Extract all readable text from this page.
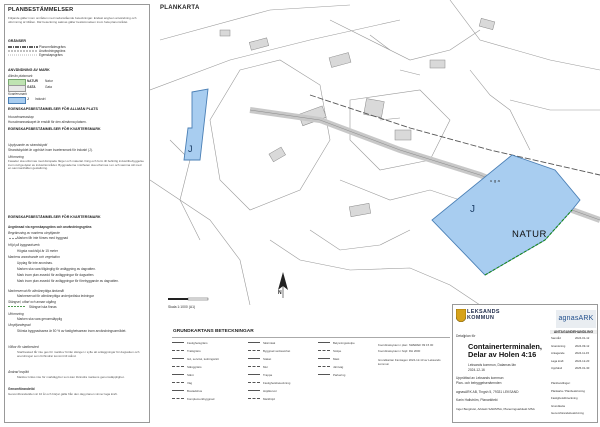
PLANBESTÄMMELSER
Följande gäller inom områden med nedanstående beteckningar. Endast angiven användning och utformning är tillåten. Där beteckning saknas gäller bestämmelsen inom hela planområdet.
GRÄNSER
Planområdesgräns
Användningsgräns
Egenskapsgräns
ANVÄNDNING AV MARK
Allmän platsmark
NATUR Natur
GATA	Gata
Kvartersmark
J Industri
EGENSKAPSBESTÄMMELSER FÖR ALLMÄN PLATS
Huvudmannaskap
Huvudmannaskapet är enskilt för den allmänna platsen.
EGENSKAPSBESTÄMMELSER FÖR KVARTERSMARK
Upplysande av strandskydd
Strandskyddet är upphävt inom kvartersmark för industri (J).
Utformning
Fasader ska utformas med dämpade färger och material. Färg och form till befintlig industribebyggelse inom övriga delar av industriområdet. Byggnaderna i närheten ska utformas i en och samma stil med en sammanhållen gestaltning.
EGENSKAPSBESTÄMMELSER FÖR KVARTERSMARK
Avgränsad via egenskapsgräns och användningsgräns
Begränsning av markens utnyttjande
Marken får inte förses med byggnad
Höjd på byggnadsverk
Högsta nockhöjd är 15 meter
Markens anordnande och vegetation
Upplag får inte anordnas.
Marken ska vara tillgänglig för anläggning av dagvatten.
Mark inom plan avsedd för anläggningar för dagvatten.
Mark inom plan avsedd för anläggningar för förebyggande av dagvatten.
Markreservat för allmännyttiga ändamål
Markreservat för allmännyttiga underjordiska ledningar
Stängsel, utfart och annan utgång
Stängsel ska finnas
Utformning
Marken ska vara genomsläpplig
Utnyttjandegrad
Största byggnadsarea är 50 % av fastighetsarean inom användningsområdet.
Villkor för startbesked
Startbesked får inte ges för marklov förrän slängen i syfte att anläggningar för dagvatten och anordningar som förhindrar kommit till stånd.
Ändrad lovplikt
Marklov krävs inte för marklägyttor som kan förändra markens genomsläpplighet.
Genomförandetid
Genomförandetiden är 10 år och börjar gälla från den dag planen vinner laga kraft.
PLANKARTA
J
J
u  g  a
NATUR
N
Skala 1:1000 (A1)
GRUNDKARTANS BETECKNINGAR
Fastighetsgräns
Traktgräns
GA, servitut, ledningsrätt
Slänggräns
Slänt
Väg
Bostadshus
Komplementbyggnad
Skärmtak
Byggnad verksamhet
Staket
Mur
Trappa
Fastighetsbeteckning
Höjdkurvor
Markhöjd
Belysningsstolpe
Stolpe
Mast
Järnväg
Parkering
Koordinatsystem i plan: SWEREF 99 15 00
Koordinatsystem i höjd: RH 2000
Grundkartan framtagen 2024-12-13 av Leksands kommun
LEKSANDS
KOMMUN	agnasARK
Detaljplan för
Containerterminalen,
Delar av Holen 4:16
Leksands kommun, Dalarnas län
2024-12-16
Upprättad av Leksands kommun
Plan- och bebyggelsenämnden
agnasARK AB, Tingsh 5, 79331 LEKSAND
Karin Hallström, Planarkitekt
Inger Bergkvist, Arkitekt SAR/MSA, Planeringsarkitekt MSA
ANTAGANDEHANDLING
Samråd	2024-01-12
Granskning	2024-09-12
Antagande	2024-11-15
Laga kraft	2024-12-20
Upphävd	2025-01-30
Planhandlingar:
Plankarta / Planbeskrivning
Fastighetsförteckning
Grundkarta
Genomförandebeskrivning
